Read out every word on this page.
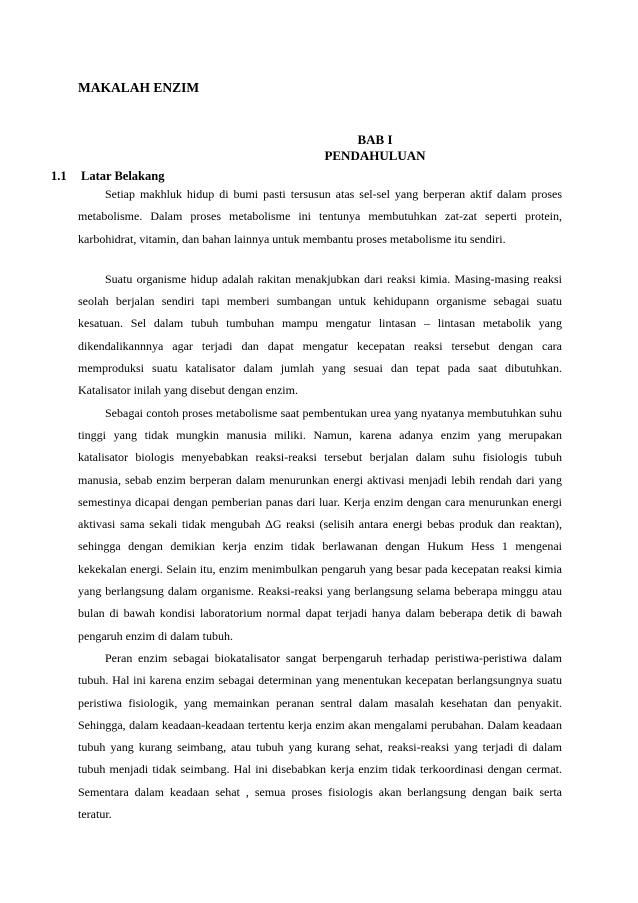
MAKALAH ENZIM
BAB I
PENDAHULUAN
1.1 Latar Belakang

Setiap makhluk hidup di bumi pasti tersusun atas sel-sel yang berperan aktif dalam proses metabolisme. Dalam proses metabolisme ini tentunya membutuhkan zat-zat seperti protein, karbohidrat, vitamin, dan bahan lainnya untuk membantu proses metabolisme itu sendiri.

Suatu organisme hidup adalah rakitan menakjubkan dari reaksi kimia. Masing-masing reaksi seolah berjalan sendiri tapi memberi sumbangan untuk kehidupann organisme sebagai suatu kesatuan. Sel dalam tubuh tumbuhan mampu mengatur lintasan – lintasan metabolik yang dikendalikannnya agar terjadi dan dapat mengatur kecepatan reaksi tersebut dengan cara memproduksi suatu katalisator dalam jumlah yang sesuai dan tepat pada saat dibutuhkan. Katalisator inilah yang disebut dengan enzim.

Sebagai contoh proses metabolisme saat pembentukan urea yang nyatanya membutuhkan suhu tinggi yang tidak mungkin manusia miliki. Namun, karena adanya enzim yang merupakan katalisator biologis menyebabkan reaksi-reaksi tersebut berjalan dalam suhu fisiologis tubuh manusia, sebab enzim berperan dalam menurunkan energi aktivasi menjadi lebih rendah dari yang semestinya dicapai dengan pemberian panas dari luar. Kerja enzim dengan cara menurunkan energi aktivasi sama sekali tidak mengubah ΔG reaksi (selisih antara energi bebas produk dan reaktan), sehingga dengan demikian kerja enzim tidak berlawanan dengan Hukum Hess 1 mengenai kekekalan energi. Selain itu, enzim menimbulkan pengaruh yang besar pada kecepatan reaksi kimia yang berlangsung dalam organisme. Reaksi-reaksi yang berlangsung selama beberapa minggu atau bulan di bawah kondisi laboratorium normal dapat terjadi hanya dalam beberapa detik di bawah pengaruh enzim di dalam tubuh.

Peran enzim sebagai biokatalisator sangat berpengaruh terhadap peristiwa-peristiwa dalam tubuh. Hal ini karena enzim sebagai determinan yang menentukan kecepatan berlangsungnya suatu peristiwa fisiologik, yang memainkan peranan sentral dalam masalah kesehatan dan penyakit. Sehingga, dalam keadaan-keadaan tertentu kerja enzim akan mengalami perubahan. Dalam keadaan tubuh yang kurang seimbang, atau tubuh yang kurang sehat, reaksi-reaksi yang terjadi di dalam tubuh menjadi tidak seimbang. Hal ini disebabkan kerja enzim tidak terkoordinasi dengan cermat. Sementara dalam keadaan sehat , semua proses fisiologis akan berlangsung dengan baik serta teratur.
